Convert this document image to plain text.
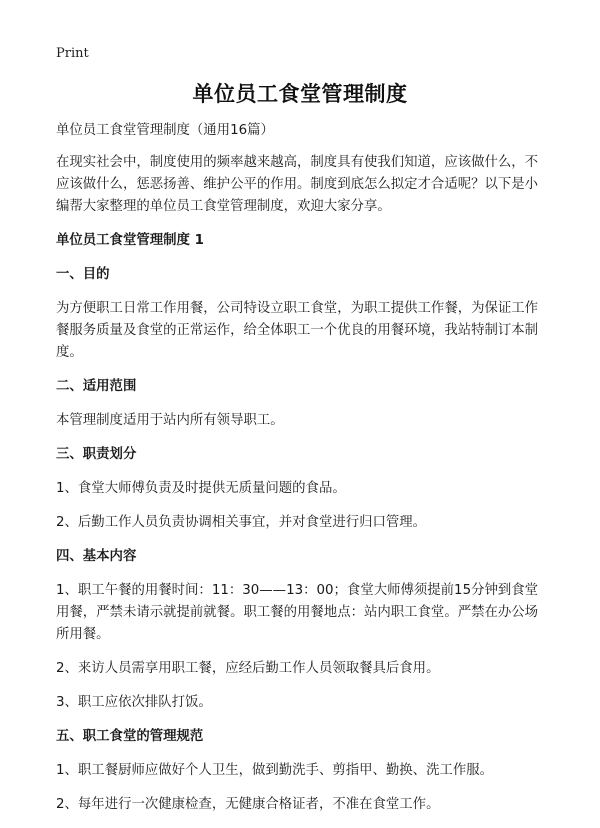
Print
单位员工食堂管理制度

单位员工食堂管理制度（通用16篇）

在现实社会中，制度使用的频率越来越高，制度具有使我们知道，应该做什么，不应该做什么，惩恶扬善、维护公平的作用。制度到底怎么拟定才合适呢？以下是小编帮大家整理的单位员工食堂管理制度，欢迎大家分享。

单位员工食堂管理制度 1

一、目的

为方便职工日常工作用餐，公司特设立职工食堂，为职工提供工作餐，为保证工作餐服务质量及食堂的正常运作，给全体职工一个优良的用餐环境，我站特制订本制度。

二、适用范围

本管理制度适用于站内所有领导职工。

三、职责划分

1、食堂大师傅负责及时提供无质量问题的食品。

2、后勤工作人员负责协调相关事宜，并对食堂进行归口管理。

四、基本内容

1、职工午餐的用餐时间：11：30——13：00；食堂大师傅须提前15分钟到食堂用餐，严禁未请示就提前就餐。职工餐的用餐地点：站内职工食堂。严禁在办公场所用餐。

2、来访人员需享用职工餐，应经后勤工作人员领取餐具后食用。

3、职工应依次排队打饭。

五、职工食堂的管理规范

1、职工餐厨师应做好个人卫生，做到勤洗手、剪指甲、勤换、洗工作服。

2、每年进行一次健康检查，无健康合格证者，不准在食堂工作。
